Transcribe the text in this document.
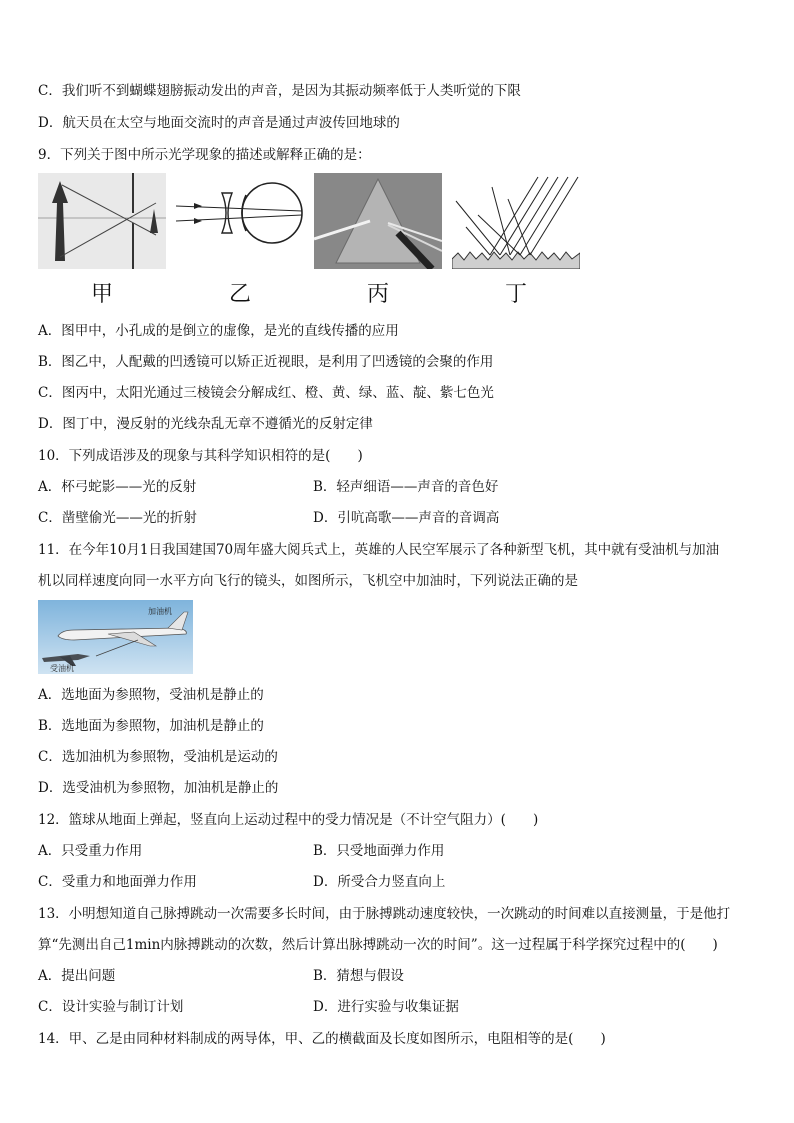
C．我们听不到蝴蝶翅膀振动发出的声音，是因为其振动频率低于人类听觉的下限
D．航天员在太空与地面交流时的声音是通过声波传回地球的
9．下列关于图中所示光学现象的描述或解释正确的是：
甲	乙	丙	丁
A．图甲中，小孔成的是倒立的虚像，是光的直线传播的应用
B．图乙中，人配戴的凹透镜可以矫正近视眼，是利用了凹透镜的会聚的作用
C．图丙中，太阳光通过三棱镜会分解成红、橙、黄、绿、蓝、靛、紫七色光
D．图丁中，漫反射的光线杂乱无章不遵循光的反射定律
10．下列成语涉及的现象与其科学知识相符的是(　　)
A．杯弓蛇影——光的反射	B．轻声细语——声音的音色好
C．凿壁偷光——光的折射	D．引吭高歌——声音的音调高
11．在今年10月1日我国建国70周年盛大阅兵式上，英雄的人民空军展示了各种新型飞机，其中就有受油机与加油
机以同样速度向同一水平方向飞行的镜头，如图所示，飞机空中加油时，下列说法正确的是
加油机
受油机
A．选地面为参照物，受油机是静止的
B．选地面为参照物，加油机是静止的
C．选加油机为参照物，受油机是运动的
D．选受油机为参照物，加油机是静止的
12．篮球从地面上弹起，竖直向上运动过程中的受力情况是（不计空气阻力）(　　)
A．只受重力作用	B．只受地面弹力作用
C．受重力和地面弹力作用	D．所受合力竖直向上
13．小明想知道自己脉搏跳动一次需要多长时间，由于脉搏跳动速度较快，一次跳动的时间难以直接测量，于是他打
算“先测出自己1min内脉搏跳动的次数，然后计算出脉搏跳动一次的时间”。这一过程属于科学探究过程中的(　　)
A．提出问题	B．猜想与假设
C．设计实验与制订计划	D．进行实验与收集证据
14．甲、乙是由同种材料制成的两导体，甲、乙的横截面及长度如图所示，电阻相等的是(　　)
